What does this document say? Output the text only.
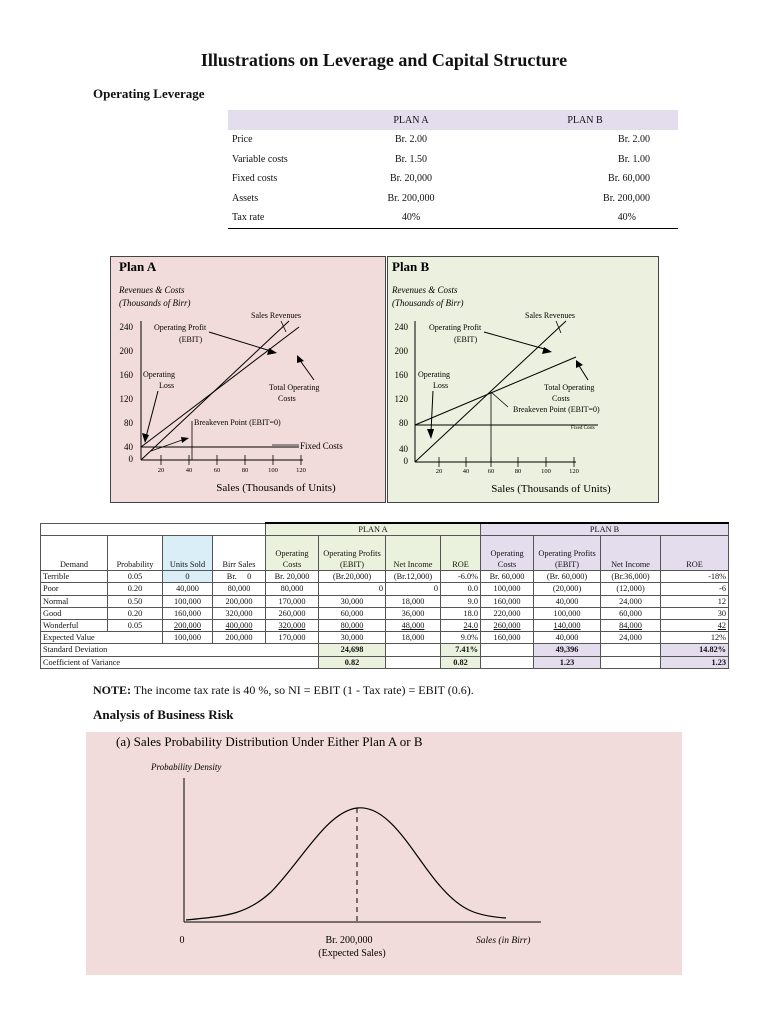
Illustrations on Leverage and Capital Structure
Operating Leverage
	PLAN A	PLAN B
Price	Br. 2.00	Br. 2.00
Variable costs	Br. 1.50	Br. 1.00
Fixed costs	Br. 20,000	Br. 60,000
Assets	Br. 200,000	Br. 200,000
Tax rate	40%	40%
Plan A
Revenues & Costs
(Thousands of Birr)
240
200
160
120
80
40
0
20	40	60	80	100	120
Sales (Thousands of Units)
Sales Revenues
Operating Profit
(EBIT)
Operating
Loss	Total Operating
Costs
Breakeven Point (EBIT=0)
Fixed Costs
Plan B
Revenues & Costs
(Thousands of Birr)
240
200
160
120
80
40
0
20	40	60	80	100	120
Sales (Thousands of Units)
Sales Revenues
Operating Profit
(EBIT)
Operating
Loss	Total Operating
Costs
Breakeven Point (EBIT=0)
Fixed Costs
				PLAN A				PLAN B			
Demand	Probability	Units Sold	Birr Sales	Operating Costs	Operating Profits (EBIT)	Net Income	ROE	Operating Costs	Operating Profits (EBIT)	Net Income	ROE
Terrible	0.05	0	Br.     0	Br. 20,000	(Br.20,000)	(Br.12,000)	-6.0%	Br. 60,000	(Br. 60,000)	(Br.36,000)	-18%
Poor	0.20	40,000	80,000	80,000	0	0	0.0	100,000	(20,000)	(12,000)	-6
Normal	0.50	100,000	200,000	170,000	30,000	18,000	9.0	160,000	40,000	24,000	12
Good	0.20	160,000	320,000	260,000	60,000	36,000	18.0	220,000	100,000	60,000	30
Wonderful	0.05	200,000	400,000	320,000	80,000	48,000	24.0	260,000	140,000	84,000	42
Expected Value		100,000	200,000	170,000	30,000	18,000	9.0%	160,000	40,000	24,000	12%
Standard Deviation					24,698		7.41%		49,396		14.82%
Coefficient of Variance					0.82		0.82		1.23		1.23
NOTE: The income tax rate is 40 %, so NI = EBIT (1 - Tax rate) = EBIT (0.6).
Analysis of Business Risk
(a) Sales Probability Distribution Under Either Plan A or B
Probability Density
0	Br. 200,000
(Expected Sales)
Sales (in Birr)
